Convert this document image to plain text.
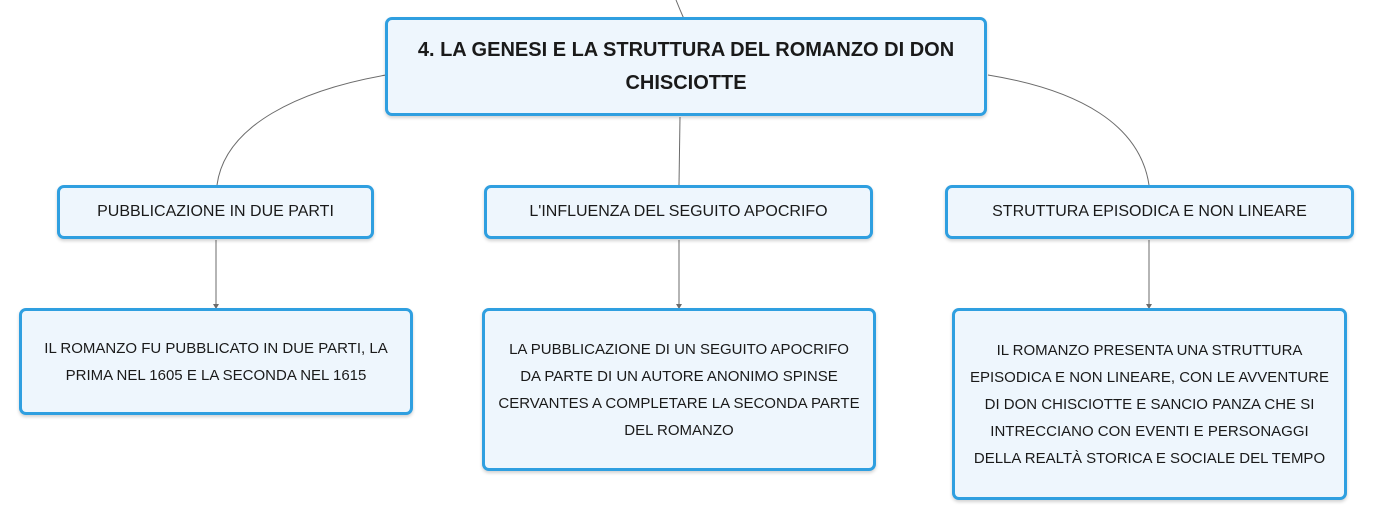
4. LA GENESI E LA STRUTTURA DEL ROMANZO DI DON CHISCIOTTE
PUBBLICAZIONE IN DUE PARTI	L'INFLUENZA DEL SEGUITO APOCRIFO	STRUTTURA EPISODICA E NON LINEARE
IL ROMANZO FU PUBBLICATO IN DUE PARTI, LA PRIMA NEL 1605 E LA SECONDA NEL 1615
LA PUBBLICAZIONE DI UN SEGUITO APOCRIFO DA PARTE DI UN AUTORE ANONIMO SPINSE CERVANTES A COMPLETARE LA SECONDA PARTE DEL ROMANZO
IL ROMANZO PRESENTA UNA STRUTTURA EPISODICA E NON LINEARE, CON LE AVVENTURE DI DON CHISCIOTTE E SANCIO PANZA CHE SI INTRECCIANO CON EVENTI E PERSONAGGI DELLA REALTÀ STORICA E SOCIALE DEL TEMPO
